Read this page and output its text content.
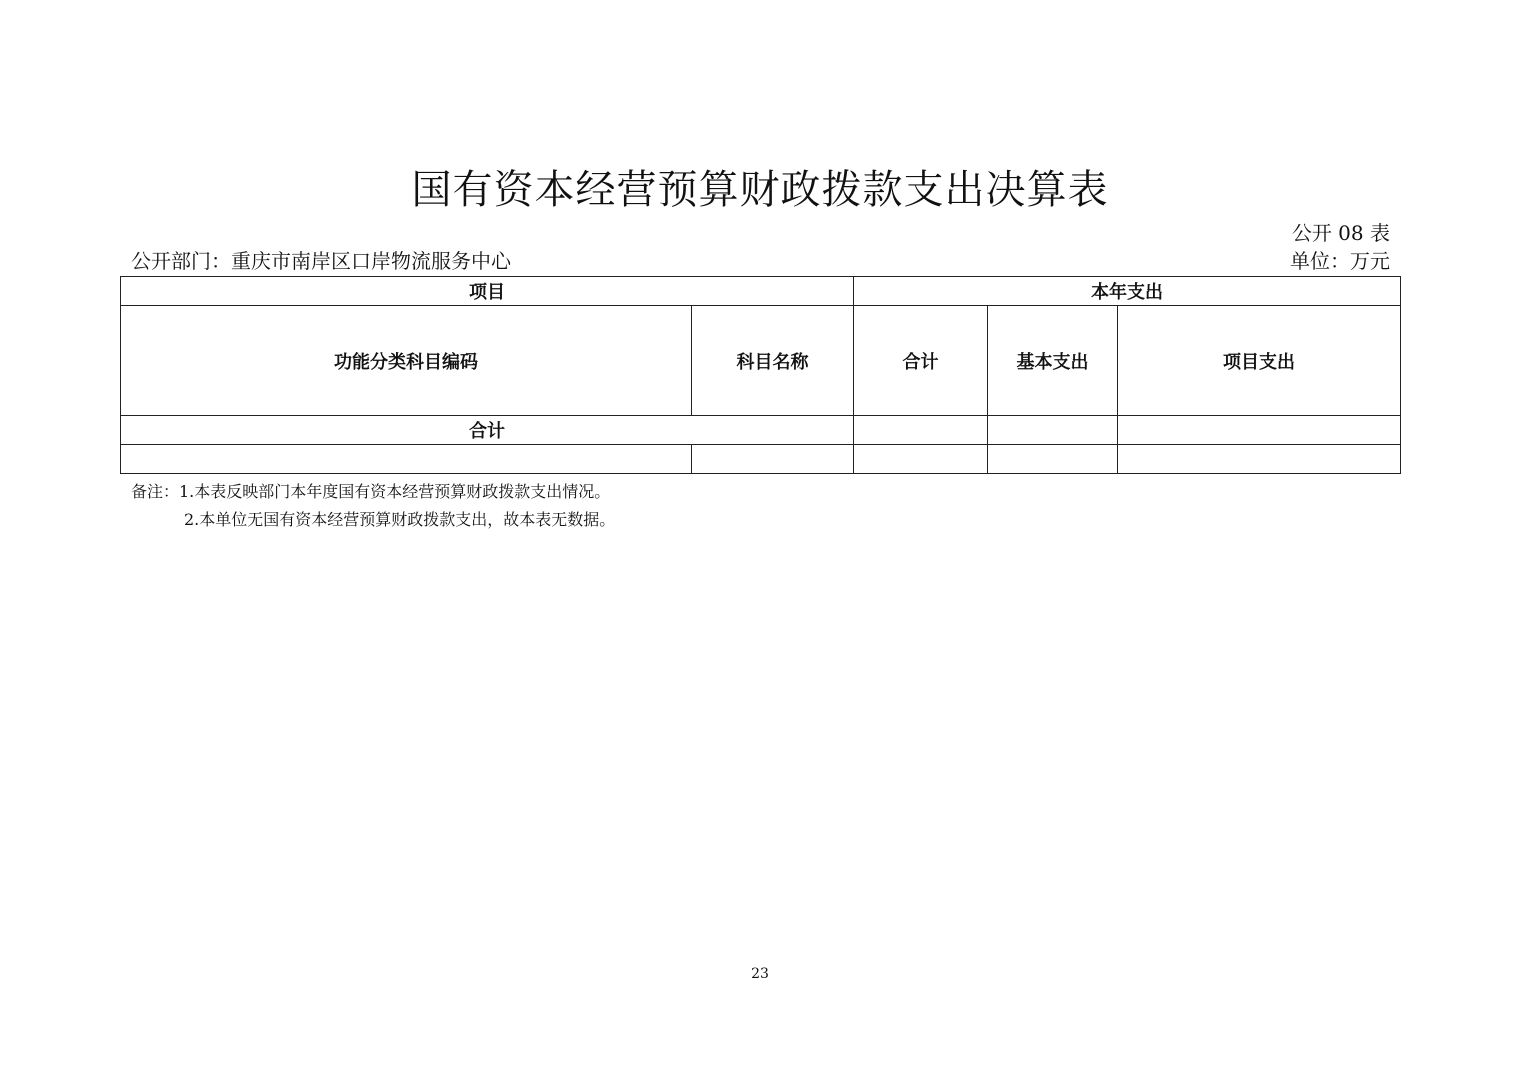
国有资本经营预算财政拨款支出决算表
公开 08 表
公开部门：重庆市南岸区口岸物流服务中心	单位：万元
项目		本年支出		
功能分类科目编码	科目名称	合计	基本支出	项目支出
合计				

备注：1.本表反映部门本年度国有资本经营预算财政拨款支出情况。
2.本单位无国有资本经营预算财政拨款支出，故本表无数据。
23
